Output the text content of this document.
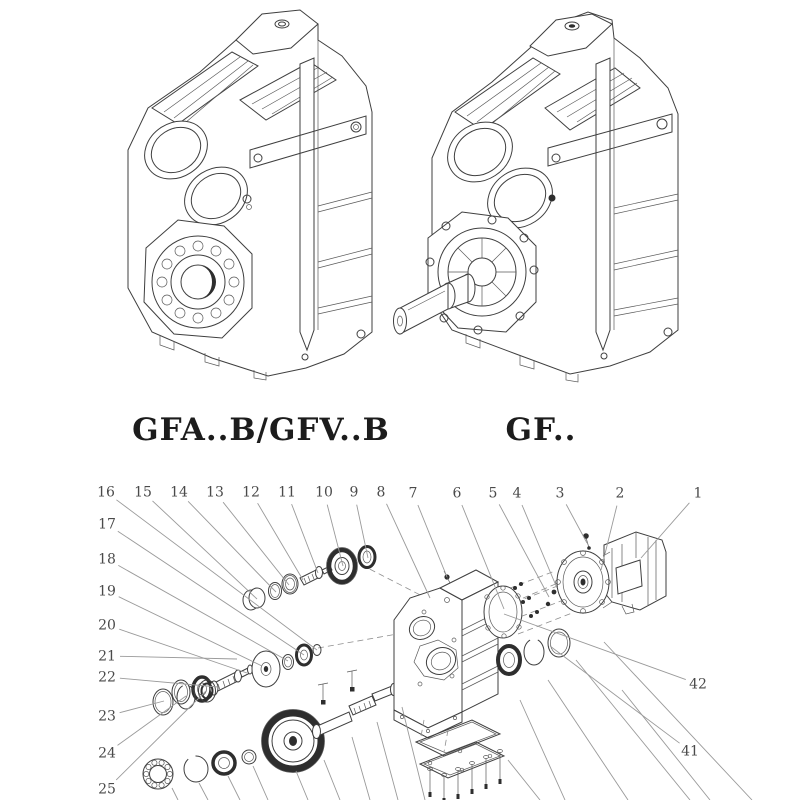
16 15 14 13 12 11 10 9 8 7	6 5 4 3	2	1
17
18
19
20
21
22
23
24
25
42
41
GFA..B/GFV..B	GF..
